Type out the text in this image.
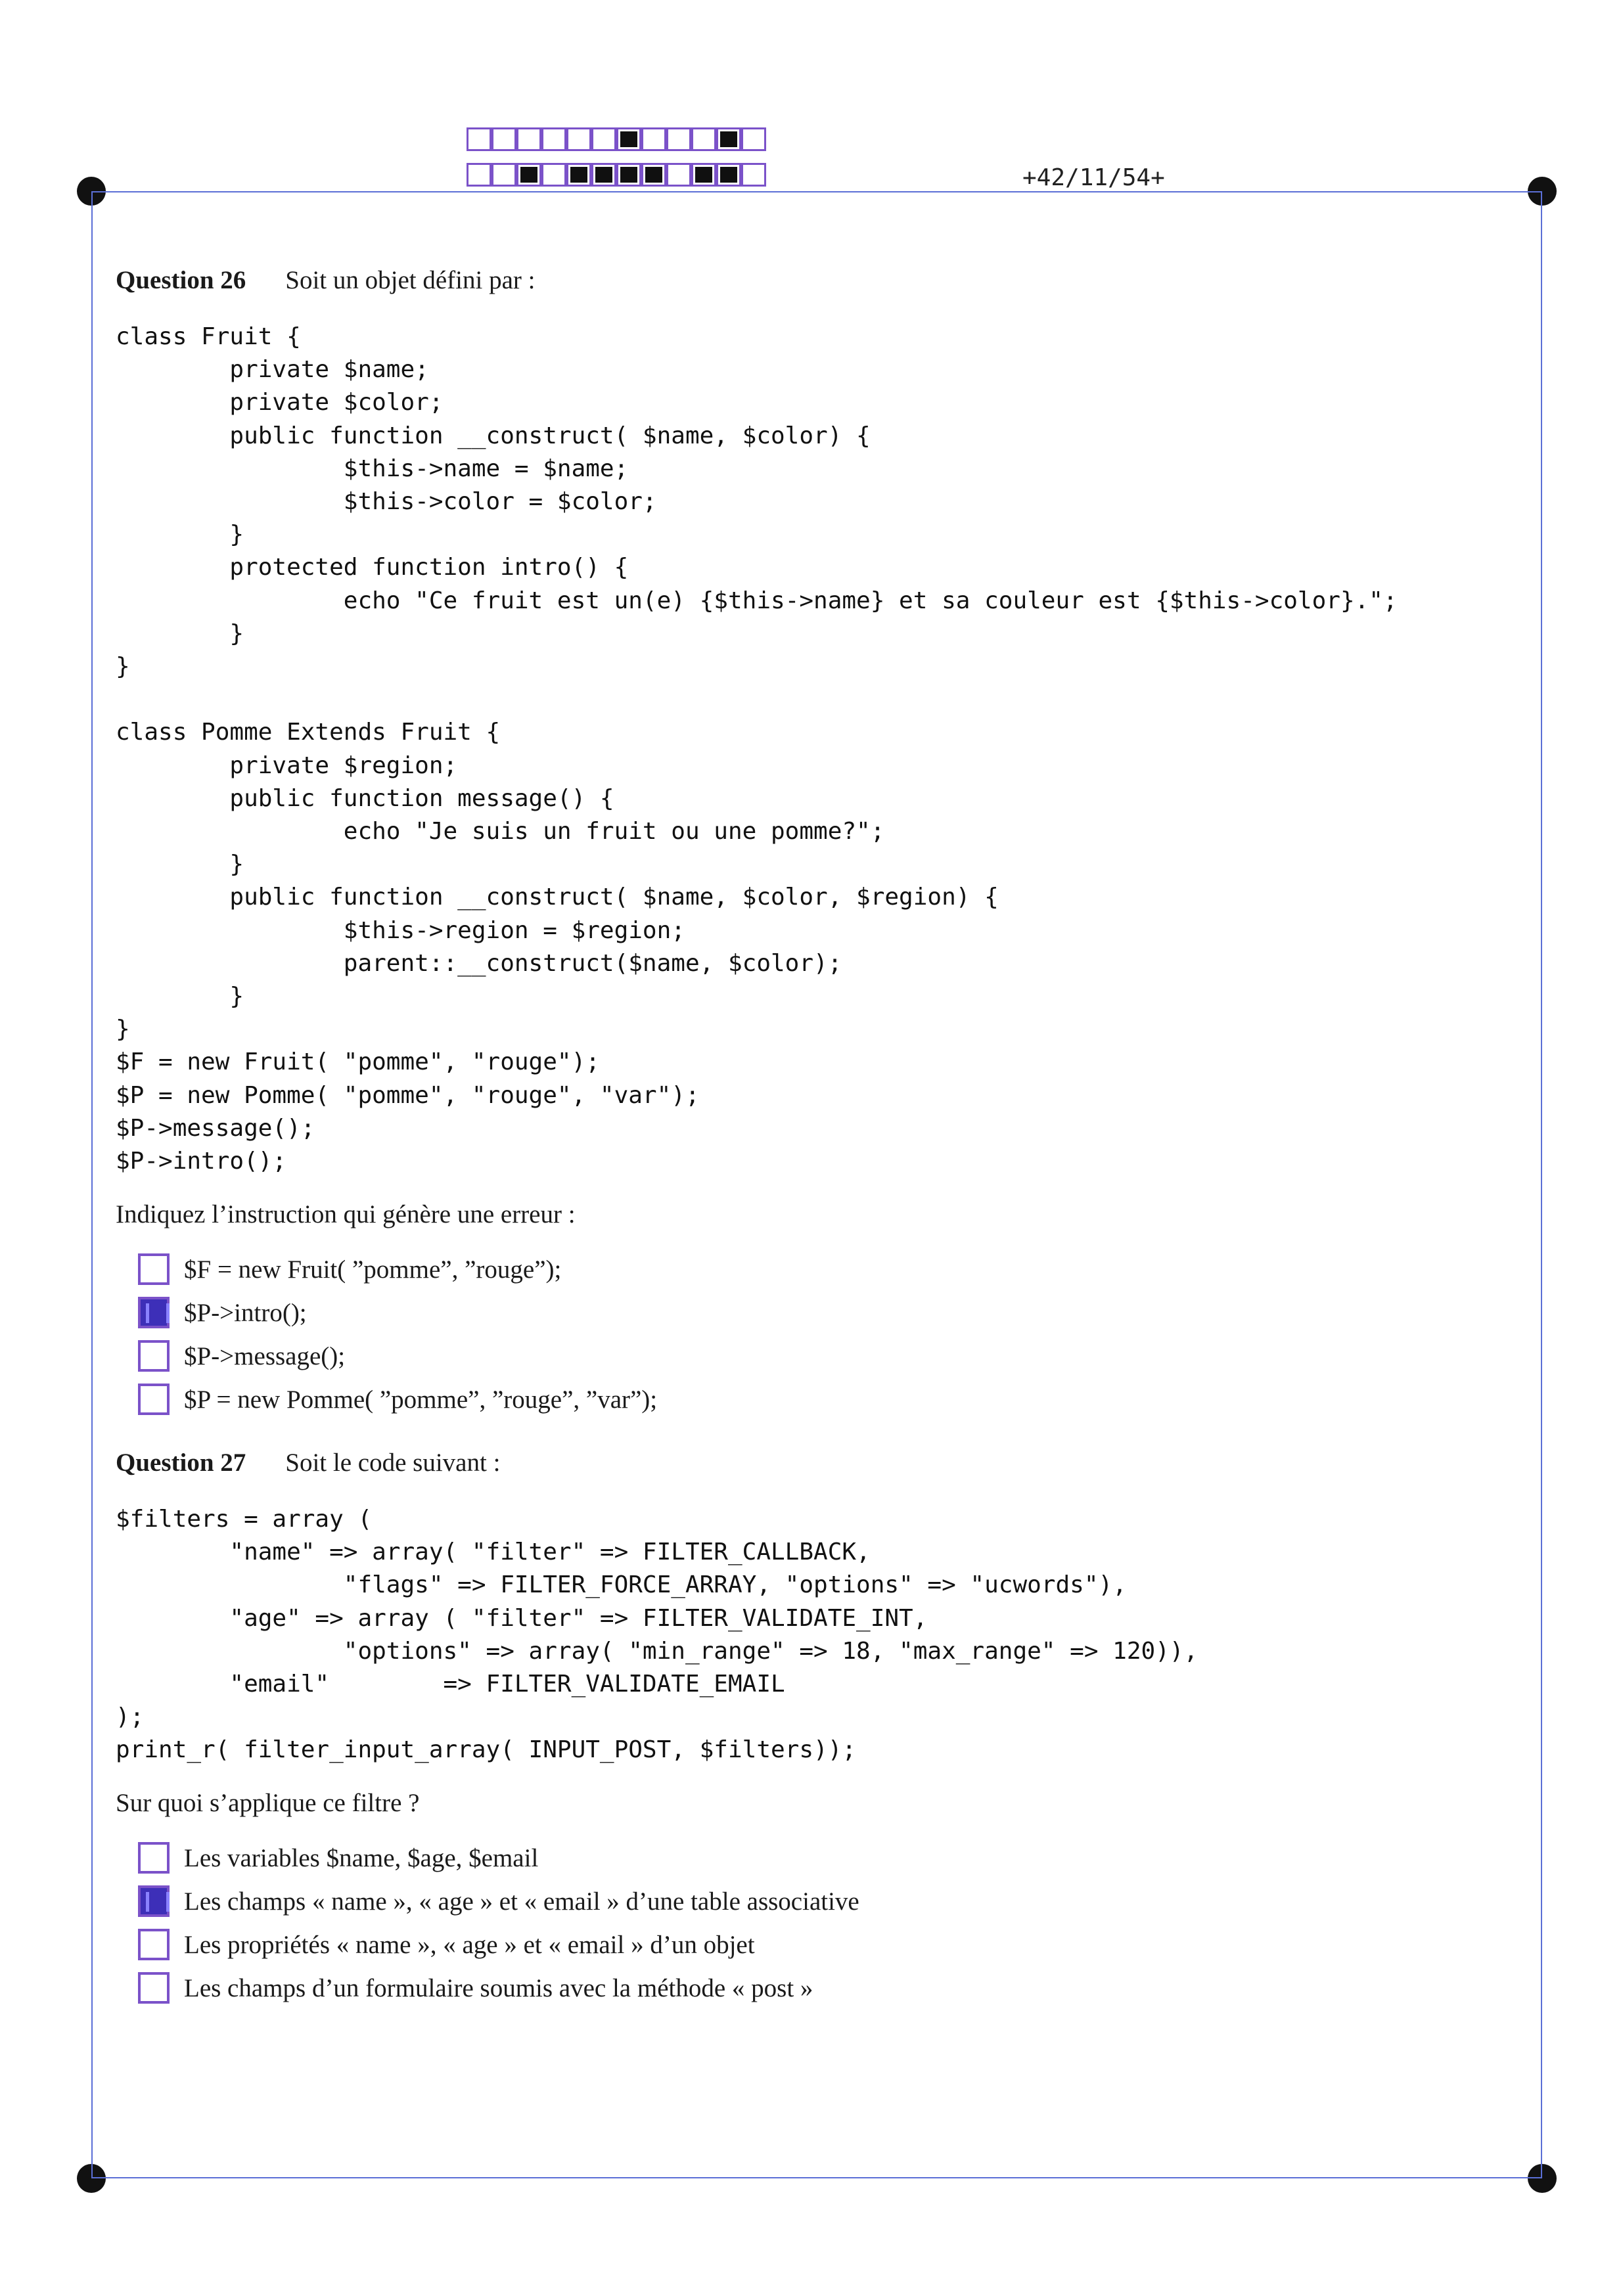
+42/11/54+
Question 26 Soit un objet défini par :
class Fruit {
private $name;
private $color;
public function __construct( $name, $color) {
$this->name = $name;
$this->color = $color;
}
protected function intro() {
echo "Ce fruit est un(e) {$this->name} et sa couleur est {$this->color}.";
}
}

class Pomme Extends Fruit {
private $region;
public function message() {
echo "Je suis un fruit ou une pomme?";
}
public function __construct( $name, $color, $region) {
$this->region = $region;
parent::__construct($name, $color);
}
}
$F = new Fruit( "pomme", "rouge");
$P = new Pomme( "pomme", "rouge", "var");
$P->message();
$P->intro();
Indiquez l’instruction qui génère une erreur :
$F = new Fruit( ”pomme”, ”rouge”);
$P->intro();
$P->message();
$P = new Pomme( ”pomme”, ”rouge”, ”var”);
Question 27 Soit le code suivant :
$filters = array (
"name" => array( "filter" => FILTER_CALLBACK,
"flags" => FILTER_FORCE_ARRAY, "options" => "ucwords"),
"age" => array ( "filter" => FILTER_VALIDATE_INT,
"options" => array( "min_range" => 18, "max_range" => 120)),
"email"        => FILTER_VALIDATE_EMAIL
);
print_r( filter_input_array( INPUT_POST, $filters));
Sur quoi s’applique ce filtre ?
Les variables $name, $age, $email
Les champs « name », « age » et « email » d’une table associative
Les propriétés « name », « age » et « email » d’un objet
Les champs d’un formulaire soumis avec la méthode « post »
